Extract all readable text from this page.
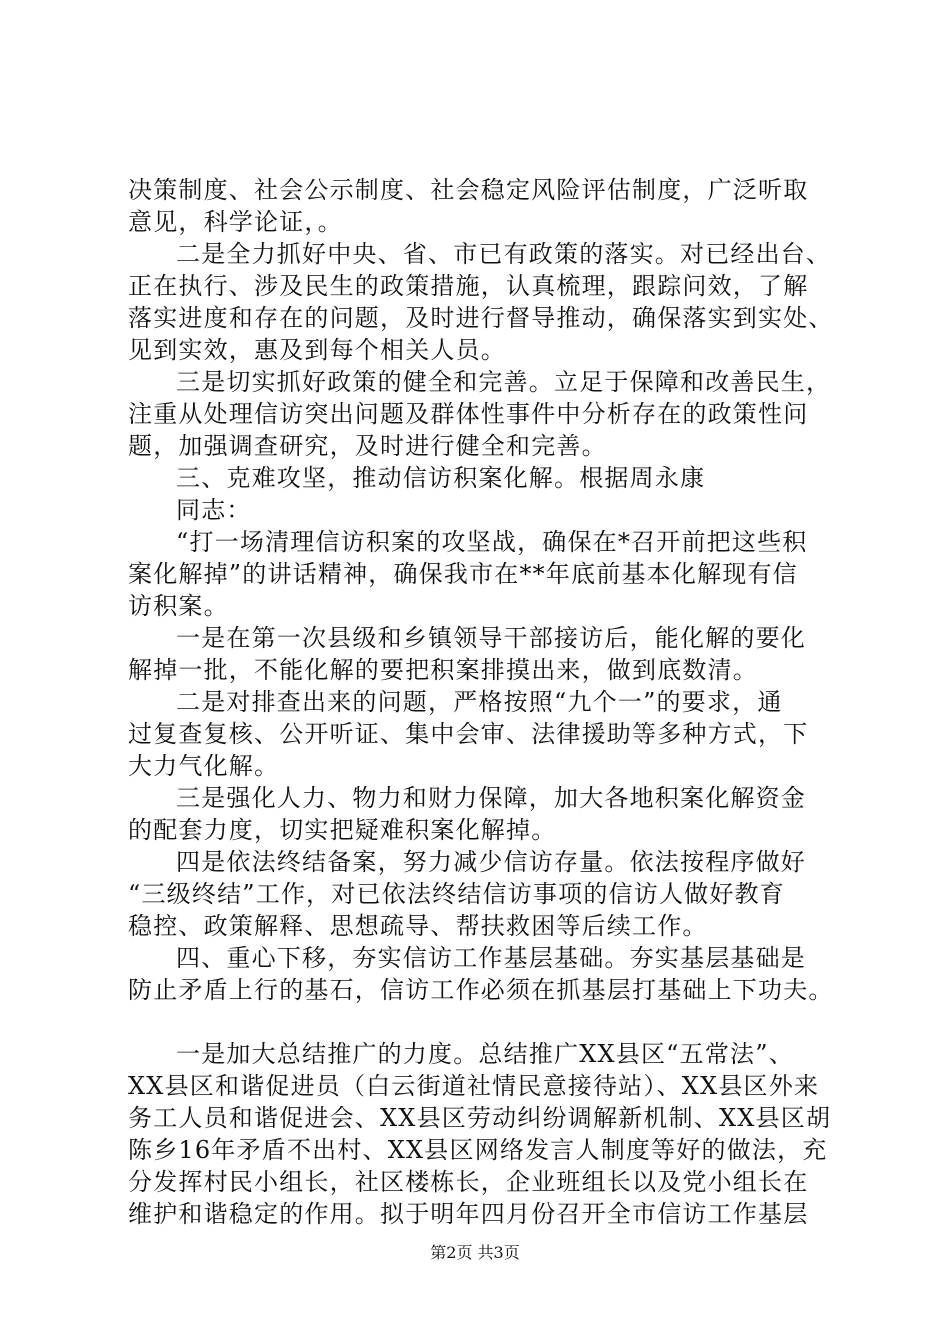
决策制度、社会公示制度、社会稳定风险评估制度，广泛听取
意见，科学论证，。
二是全力抓好中央、省、市已有政策的落实。对已经出台、
正在执行、涉及民生的政策措施，认真梳理，跟踪问效，了解
落实进度和存在的问题，及时进行督导推动，确保落实到实处、
见到实效，惠及到每个相关人员。
三是切实抓好政策的健全和完善。立足于保障和改善民生，
注重从处理信访突出问题及群体性事件中分析存在的政策性问
题，加强调查研究，及时进行健全和完善。
三、克难攻坚，推动信访积案化解。根据周永康
同志：
“打一场清理信访积案的攻坚战，确保在*召开前把这些积
案化解掉”的讲话精神，确保我市在**年底前基本化解现有信
访积案。
一是在第一次县级和乡镇领导干部接访后，能化解的要化
解掉一批，不能化解的要把积案排摸出来，做到底数清。
二是对排查出来的问题，严格按照“九个一”的要求，通
过复查复核、公开听证、集中会审、法律援助等多种方式，下
大力气化解。
三是强化人力、物力和财力保障，加大各地积案化解资金
的配套力度，切实把疑难积案化解掉。
四是依法终结备案，努力减少信访存量。依法按程序做好
“三级终结”工作，对已依法终结信访事项的信访人做好教育
稳控、政策解释、思想疏导、帮扶救困等后续工作。
四、重心下移，夯实信访工作基层基础。夯实基层基础是
防止矛盾上行的基石，信访工作必须在抓基层打基础上下功夫。
一是加大总结推广的力度。总结推广XX县区“五常法”、
XX县区和谐促进员（白云街道社情民意接待站）、XX县区外来
务工人员和谐促进会、XX县区劳动纠纷调解新机制、XX县区胡
陈乡16年矛盾不出村、XX县区网络发言人制度等好的做法，充
分发挥村民小组长，社区楼栋长，企业班组长以及党小组长在
维护和谐稳定的作用。拟于明年四月份召开全市信访工作基层
第2页 共3页
